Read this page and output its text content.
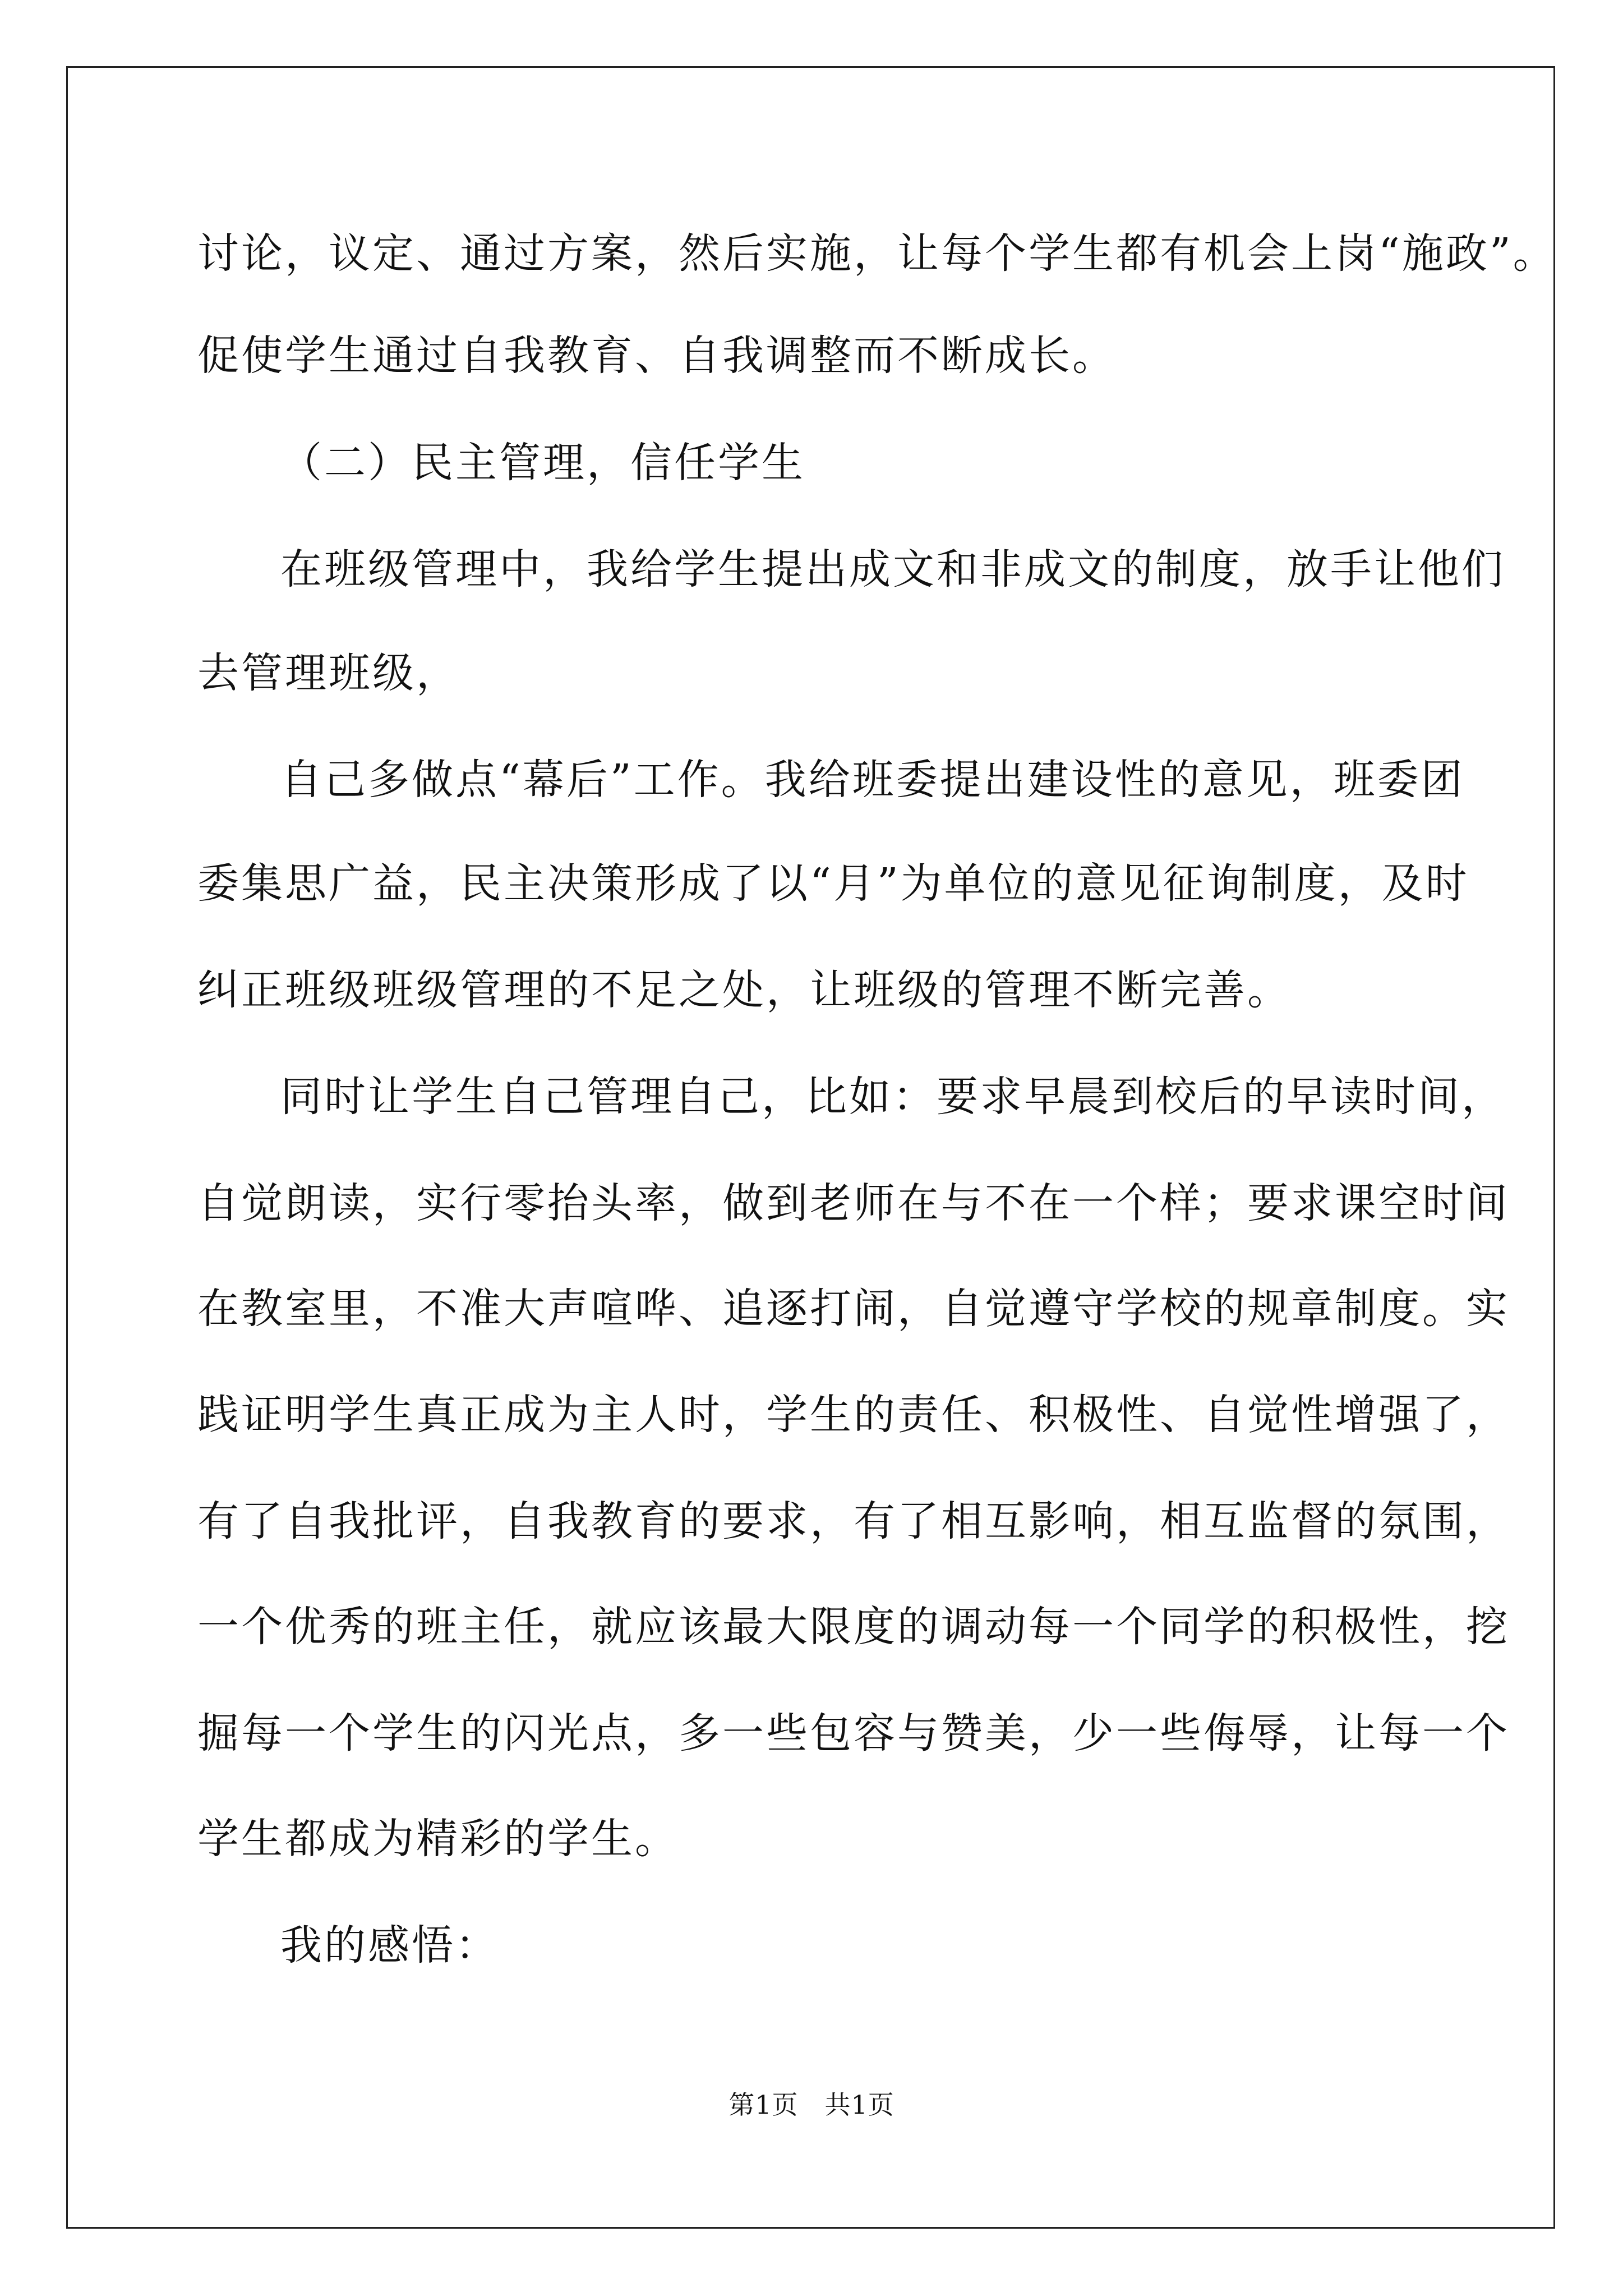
讨论，议定、通过方案，然后实施，让每个学生都有机会上岗“施政”。
促使学生通过自我教育、自我调整而不断成长。
（二）民主管理，信任学生
在班级管理中，我给学生提出成文和非成文的制度，放手让他们
去管理班级，
自己多做点“幕后”工作。我给班委提出建设性的意见，班委团
委集思广益，民主决策形成了以“月”为单位的意见征询制度，及时
纠正班级班级管理的不足之处，让班级的管理不断完善。
同时让学生自己管理自己，比如：要求早晨到校后的早读时间，
自觉朗读，实行零抬头率，做到老师在与不在一个样；要求课空时间
在教室里，不准大声喧哗、追逐打闹，自觉遵守学校的规章制度。实
践证明学生真正成为主人时，学生的责任、积极性、自觉性增强了，
有了自我批评，自我教育的要求，有了相互影响，相互监督的氛围，
一个优秀的班主任，就应该最大限度的调动每一个同学的积极性，挖
掘每一个学生的闪光点，多一些包容与赞美，少一些侮辱，让每一个
学生都成为精彩的学生。
我的感悟：
第1页　共1页
